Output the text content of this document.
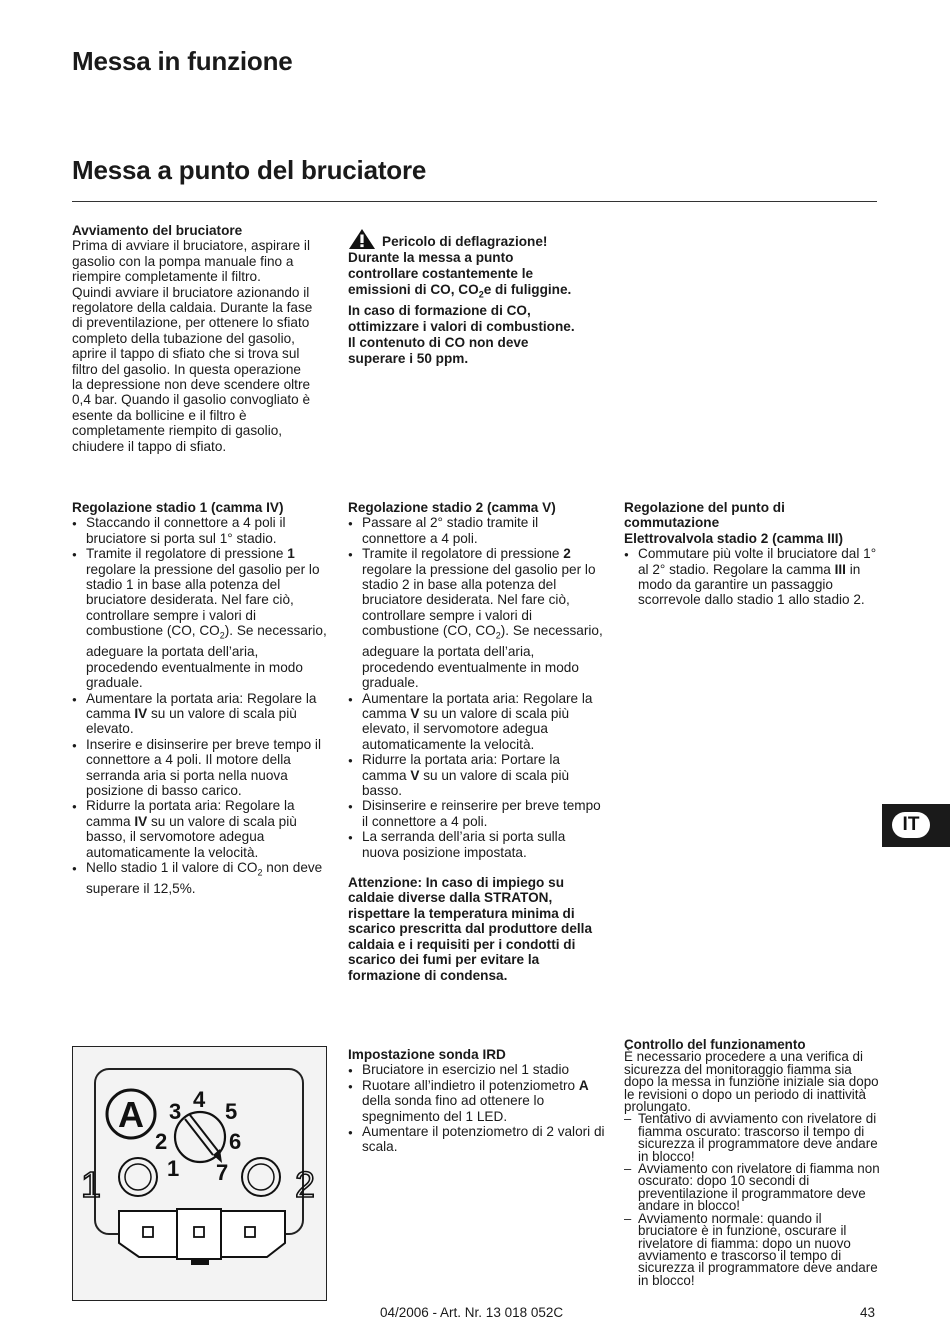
Messa in funzione
Messa a punto del bruciatore

Avviamento del bruciatore

Prima di avviare il bruciatore, aspirare il

gasolio con la pompa manuale fino a

riempire completamente il filtro.

Quindi avviare il bruciatore azionando il

regolatore della caldaia. Durante la fase

di preventilazione, per ottenere lo sfiato

completo della tubazione del gasolio,

aprire il tappo di sfiato che si trova sul

filtro del gasolio. In questa operazione

la depressione non deve scendere oltre

0,4 bar. Quando il gasolio convogliato è

esente da bollicine e il filtro è

completamente riempito di gasolio,

chiudere il tappo di sfiato.

Pericolo di deflagrazione!

Durante la messa a punto

controllare costantemente le

emissioni di CO, $CO_2e$ di fuliggine.

In caso di formazione di CO,

ottimizzare i valori di combustione.

Il contenuto di CO non deve

superare i 50 ppm.

Regolazione stadio 1 (camma IV)

● Staccando il connettore a 4 poli il bruciatore si porta sul 1° stadio.
● Tramite il regolatore di pressione 1 regolare la pressione del gasolio per lo stadio 1 in base alla potenza del bruciatore desiderata. Nel fare ciò, controllare sempre i valori di combustione (CO, $CO_2$). Se necessario, adeguare la portata dell’aria, procedendo eventualmente in modo graduale.
● Aumentare la portata aria: Regolare la camma IV su un valore di scala più elevato.
● Inserire e disinserire per breve tempo il connettore a 4 poli. Il motore della serranda aria si porta nella nuova posizione di basso carico.
● Ridurre la portata aria: Regolare la camma IV su un valore di scala più basso, il servomotore adegua automaticamente la velocità.
● Nello stadio 1 il valore di $CO_2$ non deve superare il 12,5%.

Regolazione stadio 2 (camma V)

● Passare al 2° stadio tramite il connettore a 4 poli.
● Tramite il regolatore di pressione 2 regolare la pressione del gasolio per lo stadio 2 in base alla potenza del bruciatore desiderata. Nel fare ciò, controllare sempre i valori di combustione (CO, $CO_2$). Se necessario, adeguare la portata dell’aria, procedendo eventualmente in modo graduale.
● Aumentare la portata aria: Regolare la camma V su un valore di scala più elevato, il servomotore adegua automaticamente la velocità.
● Ridurre la portata aria: Portare la camma V su un valore di scala più basso.
● Disinserire e reinserire per breve tempo il connettore a 4 poli.
● La serranda dell’aria si porta sulla nuova posizione impostata.

Attenzione: In caso di impiego su caldaie diverse dalla STRATON, rispettare la temperatura minima di scarico prescritta dal produttore della caldaia e i requisiti per i condotti di scarico dei fumi per evitare la formazione di condensa.

Regolazione del punto di commutazione

Elettrovalvola stadio 2 (camma III)

● Commutare più volte il bruciatore dal 1° al 2° stadio. Regolare la camma III in modo da garantire un passaggio scorrevole dallo stadio 1 allo stadio 2.
IT
A 3 4 5
2	6
1 7
1	2

Impostazione sonda IRD

● Bruciatore in esercizio nel 1 stadio
● Ruotare all’indietro il potenziometro A della sonda fino ad ottenere lo spegnimento del 1 LED.
● Aumentare il potenziometro di 2 valori di scala.

Controllo del funzionamento

È necessario procedere a una verifica di sicurezza del monitoraggio fiamma sia dopo la messa in funzione iniziale sia dopo le revisioni o dopo un periodo di inattività prolungato.

– Tentativo di avviamento con rivelatore di fiamma oscurato: trascorso il tempo di sicurezza il programmatore deve andare in blocco!
– Avviamento con rivelatore di fiamma non oscurato: dopo 10 secondi di preventilazione il programmatore deve andare in blocco!
– Avviamento normale: quando il bruciatore è in funzione, oscurare il rivelatore di fiamma: dopo un nuovo avviamento e trascorso il tempo di sicurezza il programmatore deve andare in blocco!
04/2006 - Art. Nr. 13 018 052C	43
